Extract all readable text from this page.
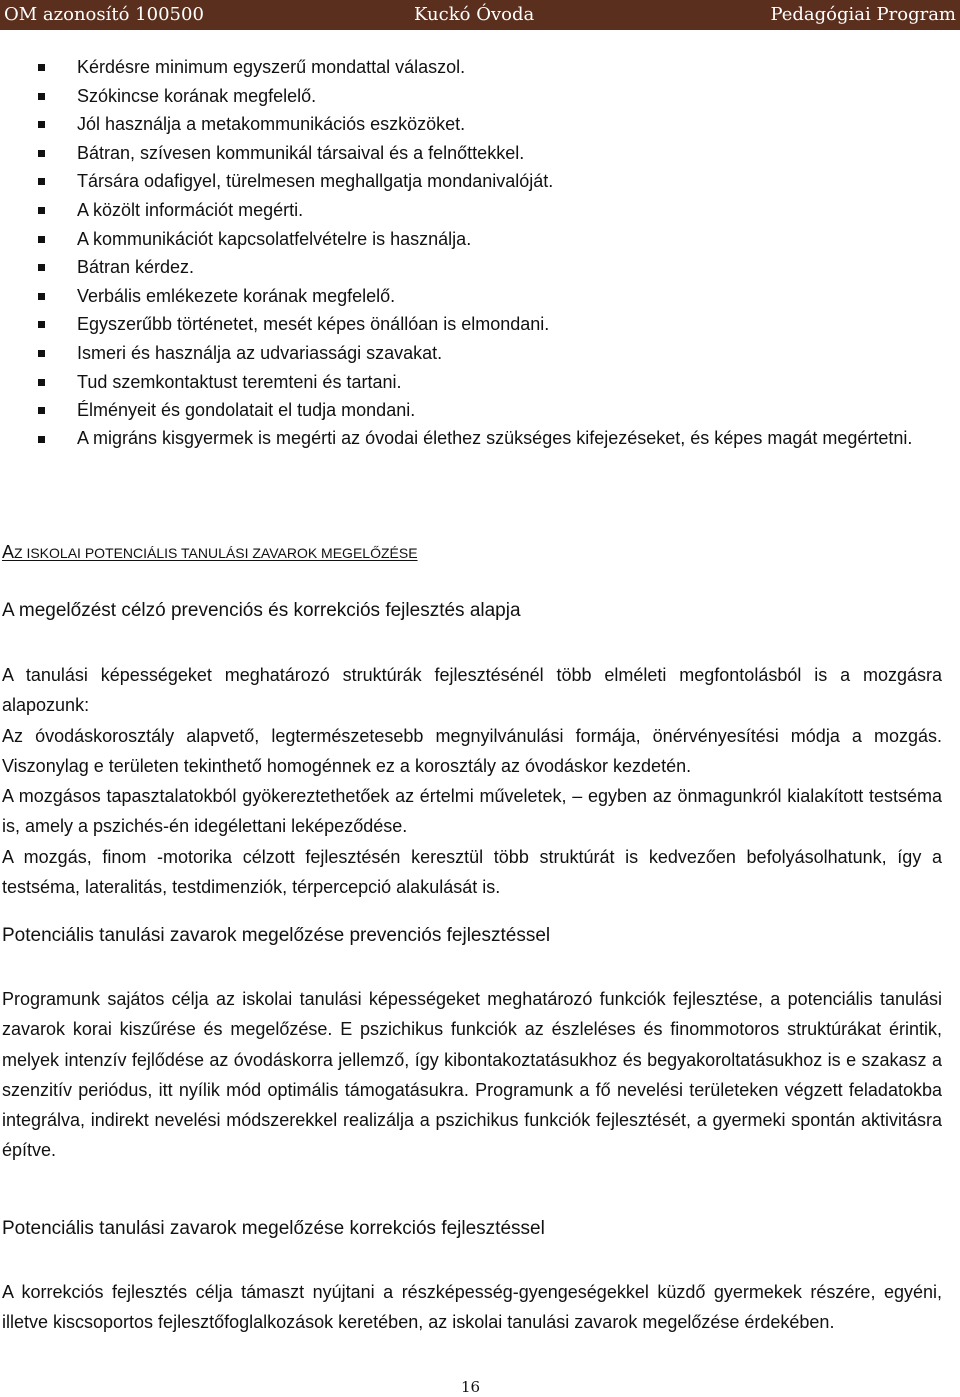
OM azonosító 100500	Kuckó Óvoda	Pedagógiai Program
Kérdésre minimum egyszerű mondattal válaszol.
Szókincse korának megfelelő.
Jól használja a metakommunikációs eszközöket.
Bátran, szívesen kommunikál társaival és a felnőttekkel.
Társára odafigyel, türelmesen meghallgatja mondanivalóját.
A közölt információt megérti.
A kommunikációt kapcsolatfelvételre is használja.
Bátran kérdez.
Verbális emlékezete korának megfelelő.
Egyszerűbb történetet, mesét képes önállóan is elmondani.
Ismeri és használja az udvariassági szavakat.
Tud szemkontaktust teremteni és tartani.
Élményeit és gondolatait el tudja mondani.
A migráns kisgyermek is megérti az óvodai élethez szükséges kifejezéseket, és képes magát megértetni.
AZ ISKOLAI POTENCIÁLIS TANULÁSI ZAVAROK MEGELŐZÉSE
A megelőzést célzó prevenciós és korrekciós fejlesztés alapja

A tanulási képességeket meghatározó struktúrák fejlesztésénél több elméleti megfontolásból is a mozgásra alapozunk:

Az óvodáskorosztály alapvető, legtermészetesebb megnyilvánulási formája, önérvényesítési módja a mozgás. Viszonylag e területen tekinthető homogénnek ez a korosztály az óvodáskor kezdetén.

A mozgásos tapasztalatokból gyökereztethetőek az értelmi műveletek, – egyben az önmagunkról kialakított testséma is, amely a pszichés-én idegélettani leképeződése.

A mozgás, finom -motorika célzott fejlesztésén keresztül több struktúrát is kedvezően befolyásolhatunk, így a testséma, lateralitás, testdimenziók, térpercepció alakulását is.

Potenciális tanulási zavarok megelőzése prevenciós fejlesztéssel

Programunk sajátos célja az iskolai tanulási képességeket meghatározó funkciók fejlesztése, a potenciális tanulási zavarok korai kiszűrése és megelőzése. E pszichikus funkciók az észleléses és finommotoros struktúrákat érintik, melyek intenzív fejlődése az óvodáskorra jellemző, így kibontakoztatásukhoz és begyakoroltatásukhoz is e szakasz a szenzitív periódus, itt nyílik mód optimális támogatásukra. Programunk a fő nevelési területeken végzett feladatokba integrálva, indirekt nevelési módszerekkel realizálja a pszichikus funkciók fejlesztését, a gyermeki spontán aktivitásra építve.

Potenciális tanulási zavarok megelőzése korrekciós fejlesztéssel

A korrekciós fejlesztés célja támaszt nyújtani a részképesség-gyengeségekkel küzdő gyermekek részére, egyéni, illetve kiscsoportos fejlesztőfoglalkozások keretében, az iskolai tanulási zavarok megelőzése érdekében.

16
